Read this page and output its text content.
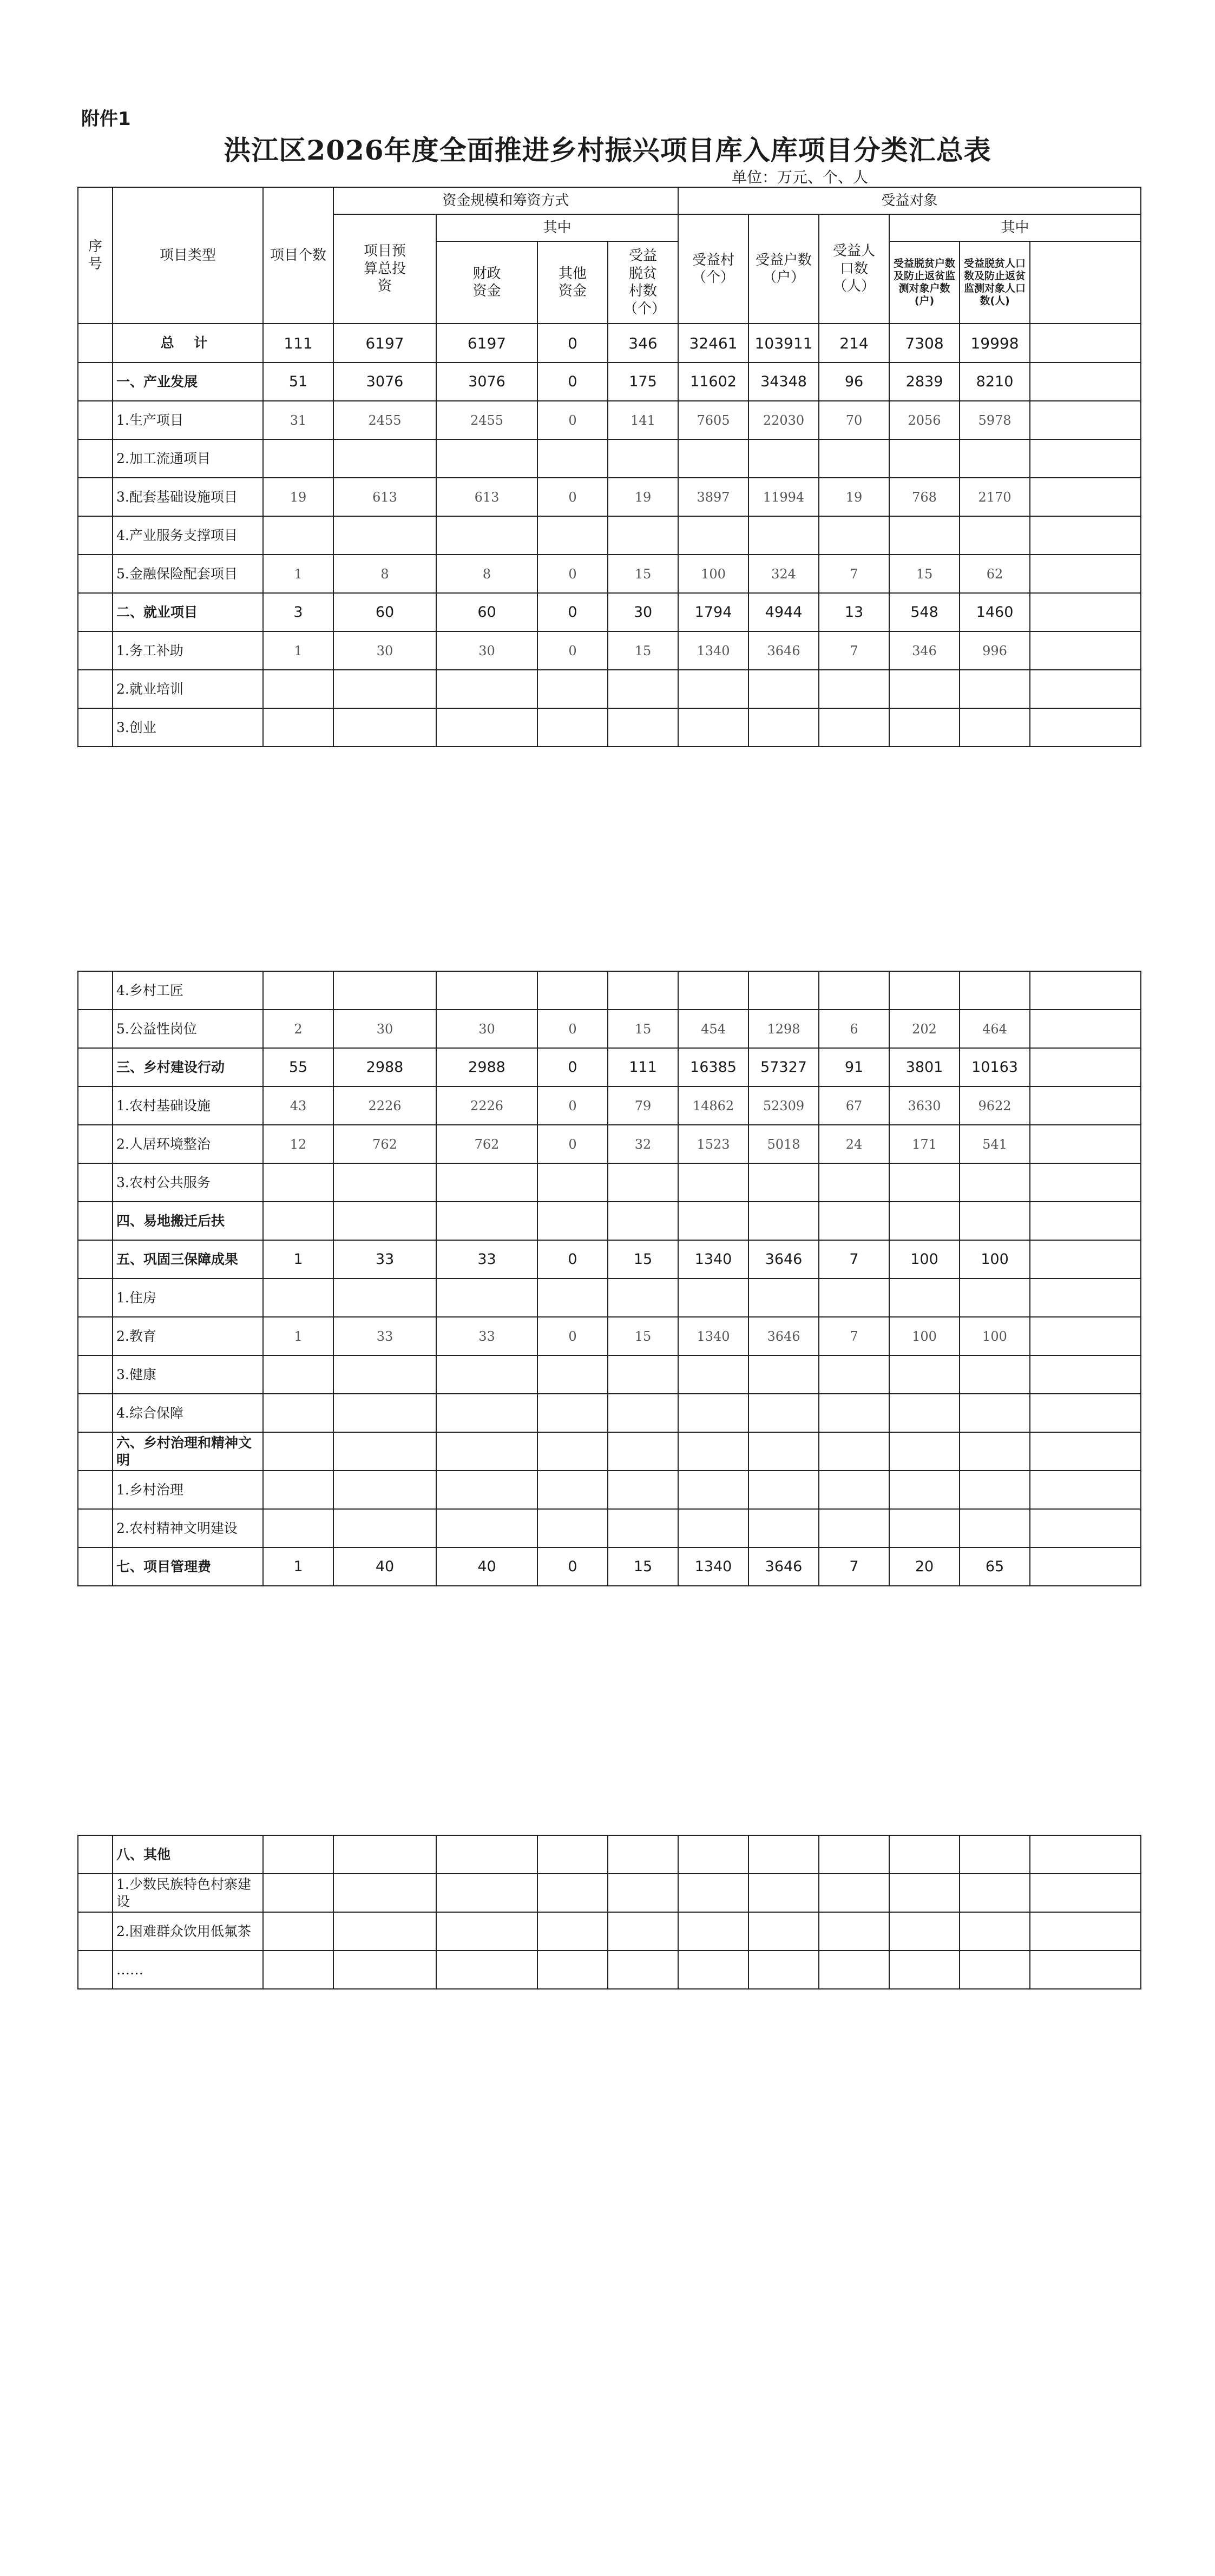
附件1
洪江区2026年度全面推进乡村振兴项目库入库项目分类汇总表
单位：万元、个、人
序号	项目类型	项目个数	资金规模和筹资方式				受益对象	
			项目预算总投资	其中			受益村（个）	受益户数（户）	受益人口数（人）	其中			
				财政资金	其他资金	受益脱贫村数（个）				受益脱贫户数及防止返贫监测对象户数(户)	受益脱贫人口数及防止返贫监测对象人口数(人)		
	总 计	111	6197	6197	0	346	32461	103911	214	7308	19998		
	一、产业发展	51	3076	3076	0	175	11602	34348	96	2839	8210		
	1.生产项目	31	2455	2455	0	141	7605	22030	70	2056	5978		
	2.加工流通项目												
	3.配套基础设施项目	19	613	613	0	19	3897	11994	19	768	2170		
	4.产业服务支撑项目												
	5.金融保险配套项目	1	8	8	0	15	100	324	7	15	62		
	二、就业项目	3	60	60	0	30	1794	4944	13	548	1460		
	1.务工补助	1	30	30	0	15	1340	3646	7	346	996		
	2.就业培训												
	3.创业												
	4.乡村工匠											
	5.公益性岗位	2	30	30	0	15	454	1298	6	202	464	
	三、乡村建设行动	55	2988	2988	0	111	16385	57327	91	3801	10163	
	1.农村基础设施	43	2226	2226	0	79	14862	52309	67	3630	9622	
	2.人居环境整治	12	762	762	0	32	1523	5018	24	171	541	
	3.农村公共服务											
	四、易地搬迁后扶											
	五、巩固三保障成果	1	33	33	0	15	1340	3646	7	100	100	
	1.住房											
	2.教育	1	33	33	0	15	1340	3646	7	100	100	
	3.健康											
	4.综合保障											
	六、乡村治理和精神文明											
	1.乡村治理											
	2.农村精神文明建设											
	七、项目管理费	1	40	40	0	15	1340	3646	7	20	65	
	八、其他											
	1.少数民族特色村寨建设											
	2.困难群众饮用低氟茶											
	……											
